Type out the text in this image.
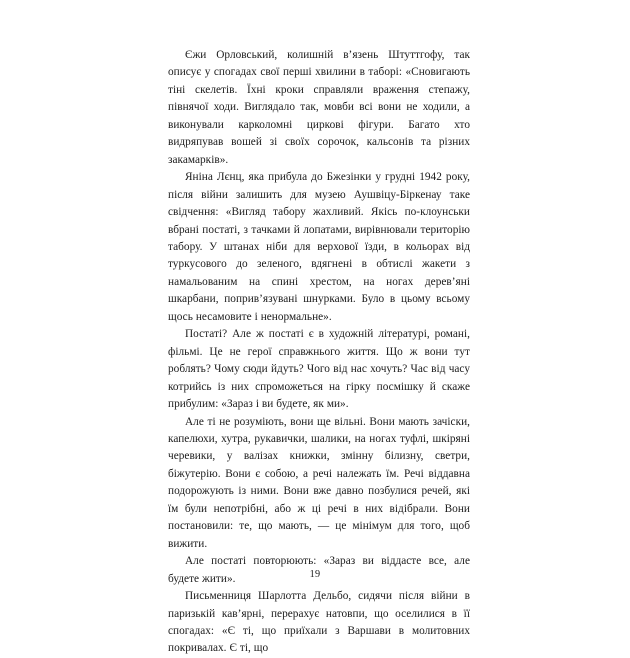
Єжи Орловський, колишній в’язень Штуттгофу, так описує у спогадах свої перші хвилини в таборі: «Сновигають тіні скелетів. Їхні кроки справляли враження степажу, півнячої ходи. Виглядало так, мовби всі вони не ходили, а виконували карколомні циркові фігури. Багато хто видряпував вошей зі своїх сорочок, кальсонів та різних закамарків».

Яніна Лєнц, яка прибула до Бжезінки у грудні 1942 року, після війни залишить для музею Аушвіцу-Біркенау таке свідчення: «Вигляд табору жахливий. Якісь по-клоунськи вбрані постаті, з тачками й лопатами, вирівнювали територію табору. У штанах ніби для верхової їзди, в кольорах від туркусового до зеленого, вдягнені в обтислі жакети з намальованим на спині хрестом, на ногах дерев’яні шкарбани, поприв’язувані шнурками. Було в цьому всьому щось несамовите і ненормальне».

Постаті? Але ж постаті є в художній літературі, романі, фільмі. Це не герої справжнього життя. Що ж вони тут роблять? Чому сюди йдуть? Чого від нас хочуть? Час від часу котрийсь із них спроможеться на гірку посмішку й скаже прибулим: «Зараз і ви будете, як ми».

Але ті не розуміють, вони ще вільні. Вони мають зачіски, капелюхи, хутра, рукавички, шалики, на ногах туфлі, шкіряні черевики, у валізах книжки, змінну білизну, светри, біжутерію. Вони є собою, а речі належать їм. Речі віддавна подорожують із ними. Вони вже давно позбулися речей, які їм були непотрібні, або ж ці речі в них відібрали. Вони постановили: те, що мають, — це мінімум для того, щоб вижити.

Але постаті повторюють: «Зараз ви віддасте все, але будете жити».

Письменниця Шарлотта Дельбо, сидячи після війни в паризькій кав’ярні, перерахує натовпи, що оселилися в її спогадах: «Є ті, що приїхали з Варшави в молитовних покривалах. Є ті, що

19
